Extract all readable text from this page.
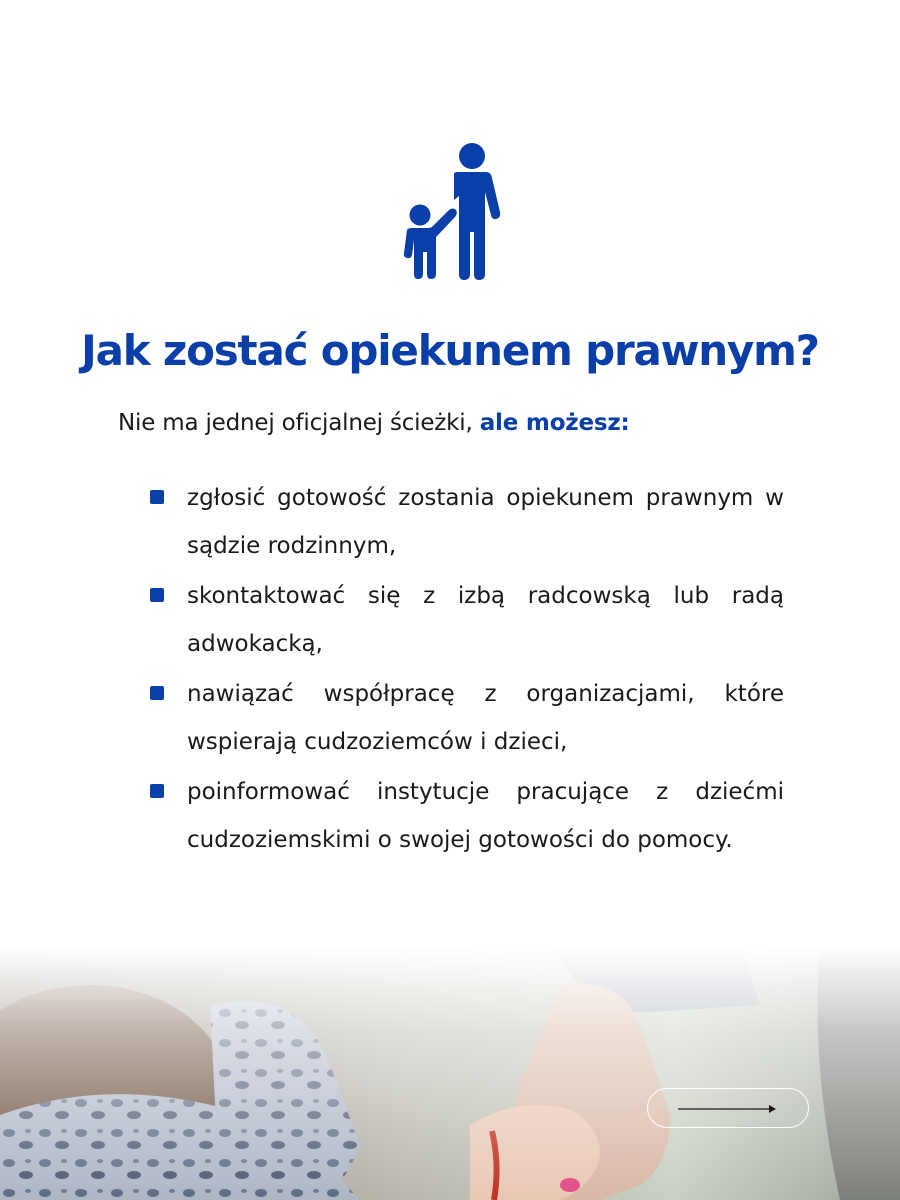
Jak zostać opiekunem prawnym?
Nie ma jednej oficjalnej ścieżki, ale możesz:
zgłosić gotowość zostania opiekunem prawnym w sądzie rodzinnym,
skontaktować się z izbą radcowską lub radą adwokacką,
nawiązać współpracę z organizacjami, które wspierają cudzoziemców i dzieci,
poinformować instytucje pracujące z dziećmi cudzoziemskimi o swojej gotowości do pomocy.
